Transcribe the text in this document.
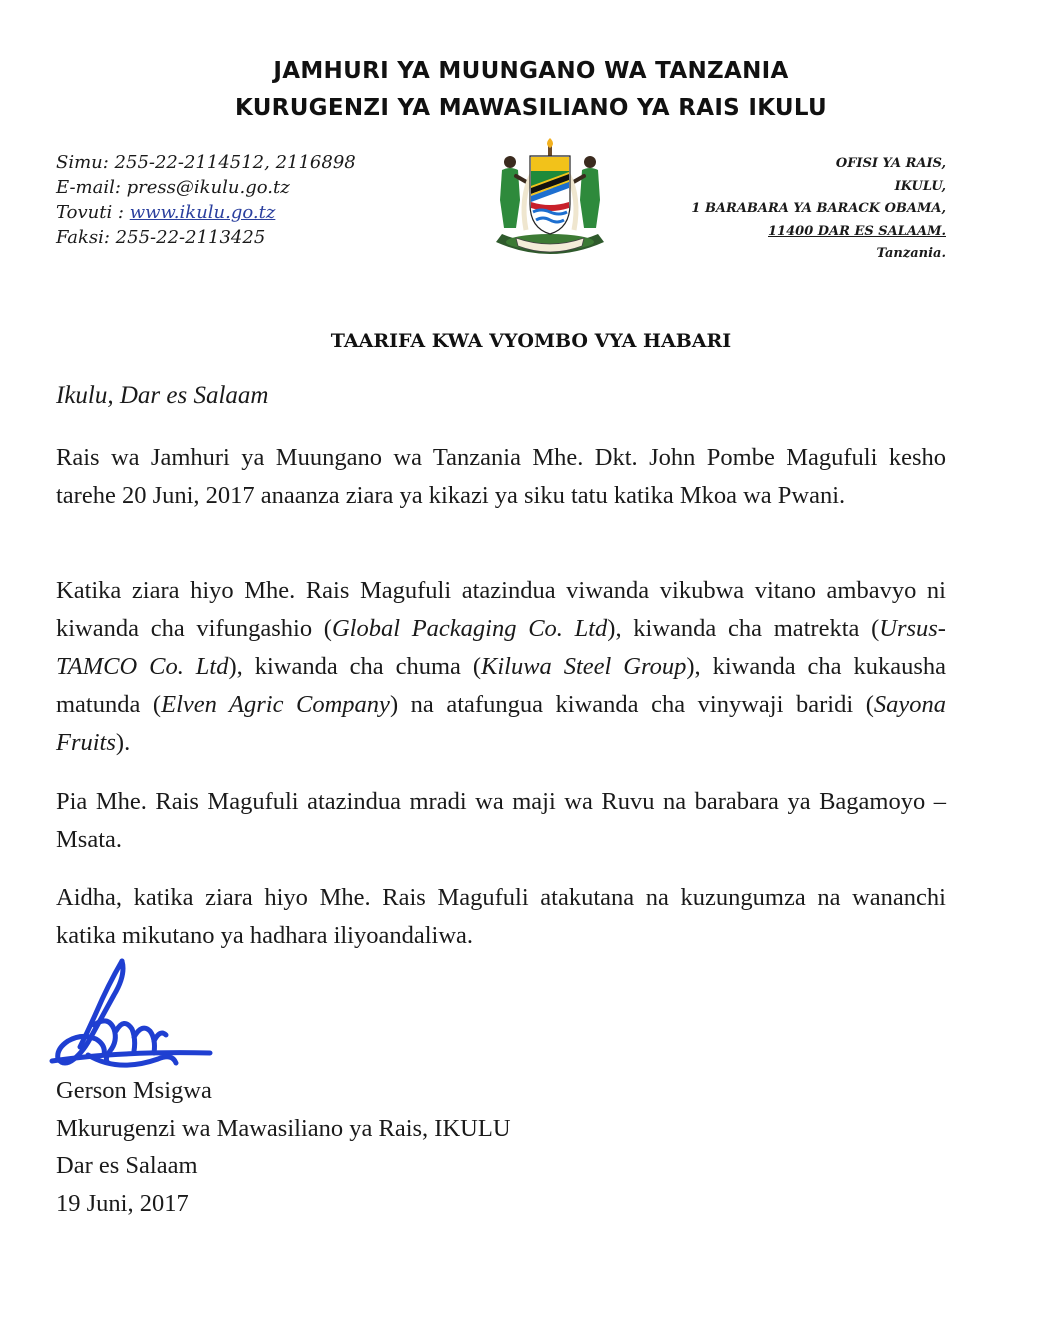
JAMHURI YA MUUNGANO WA TANZANIA
KURUGENZI YA MAWASILIANO YA RAIS IKULU
Simu: 255-22-2114512, 2116898
E-mail: press@ikulu.go.tz
Tovuti : www.ikulu.go.tz
Faksi: 255-22-2113425
OFISI YA RAIS,
IKULU,
1 BARABARA YA BARACK OBAMA,
11400 DAR ES SALAAM.
Tanzania.
TAARIFA KWA VYOMBO VYA HABARI
Ikulu, Dar es Salaam

Rais wa Jamhuri ya Muungano wa Tanzania Mhe. Dkt. John Pombe Magufuli kesho tarehe 20 Juni, 2017 anaanza ziara ya kikazi ya siku tatu katika Mkoa wa Pwani.

Katika ziara hiyo Mhe. Rais Magufuli atazindua viwanda vikubwa vitano ambavyo ni kiwanda cha vifungashio (Global Packaging Co. Ltd), kiwanda cha matrekta (Ursus-TAMCO Co. Ltd), kiwanda cha chuma (Kiluwa Steel Group), kiwanda cha kukausha matunda (Elven Agric Company) na atafungua kiwanda cha vinywaji baridi (Sayona Fruits).

Pia Mhe. Rais Magufuli atazindua mradi wa maji wa Ruvu na barabara ya Bagamoyo – Msata.

Aidha, katika ziara hiyo Mhe. Rais Magufuli atakutana na kuzungumza na wananchi katika mikutano ya hadhara iliyoandaliwa.

Gerson Msigwa
Mkurugenzi wa Mawasiliano ya Rais, IKULU
Dar es Salaam
19 Juni, 2017
